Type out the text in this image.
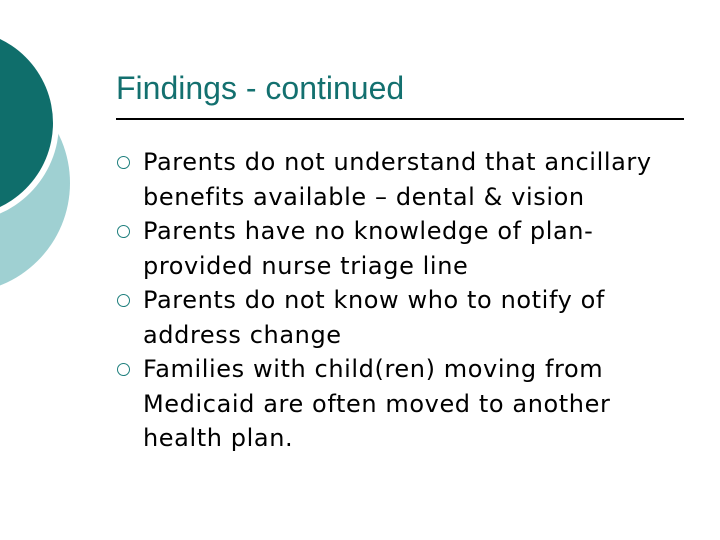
Findings - continued
Parents do not understand that ancillary benefits available – dental & vision
Parents have no knowledge of plan-provided nurse triage line
Parents do not know who to notify of address change
Families with child(ren) moving from Medicaid are often moved to another health plan.
